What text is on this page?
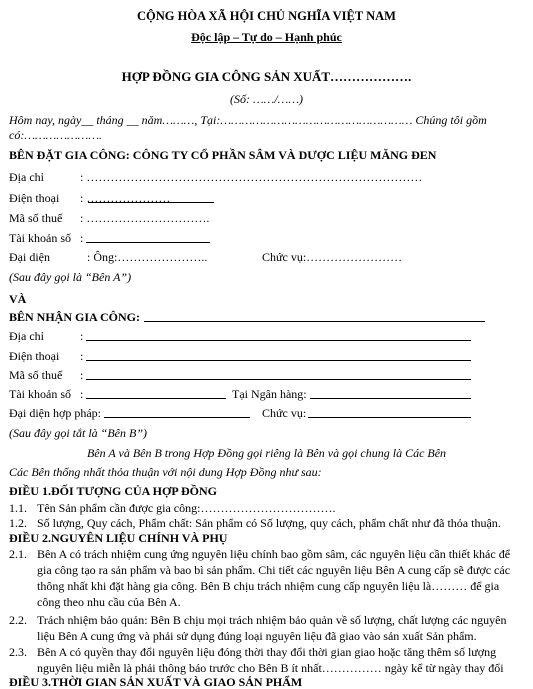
CỘNG HÒA XÃ HỘI CHỦ NGHĨA VIỆT NAM
Độc lập – Tự do – Hạnh phúc
HỢP ĐỒNG GIA CÔNG SẢN XUẤT……………….
(Số: ……/……)
Hôm nay, ngày__ tháng __ năm………, Tại:……………………………………………… Chúng tôi gồm
có:………………….
BÊN ĐẶT GIA CÔNG: CÔNG TY CỔ PHẦN SÂM VÀ DƯỢC LIỆU MĂNG ĐEN
Địa chỉ	: …………………………………………………………………………
Điện thoại : …………………
Mã số thuế : ………………………….
Tài khoản số :
Đại diện	: Ông:…………………..	Chức vụ:……………………
(Sau đây gọi là “Bên A”)
VÀ
BÊN NHẬN GIA CÔNG:
Địa chỉ	:
Điện thoại :
Mã số thuế :
Tài khoản số :	Tại Ngân hàng:
Đại diện hợp pháp:	Chức vụ:
(Sau đây gọi tắt là “Bên B”)
Bên A và Bên B trong Hợp Đồng gọi riêng là Bên và gọi chung là Các Bên
Các Bên thống nhất thỏa thuận với nội dung Hợp Đồng như sau:
ĐIỀU 1.ĐỐI TƯỢNG CỦA HỢP ĐỒNG
1.1. Tên Sản phẩm cần được gia công:…………………………….
1.2. Số lượng, Quy cách, Phẩm chất: Sản phẩm có Số lượng, quy cách, phẩm chất như đã thỏa thuận.
ĐIỀU 2.NGUYÊN LIỆU CHÍNH VÀ PHỤ
2.1. Bên A có trách nhiệm cung ứng nguyên liệu chính bao gồm sâm, các nguyên liệu cần thiết khác để
gia công tạo ra sản phẩm và bao bì sản phẩm. Chi tiết các nguyên liệu Bên A cung cấp sẽ được các
thông nhất khi đặt hàng gia công. Bên B chịu trách nhiệm cung cấp nguyên liệu là……… để gia
công theo nhu cầu của Bên A.
2.2. Trách nhiệm bảo quản: Bên B chịu mọi trách nhiệm bảo quản về số lượng, chất lượng các nguyên
liệu Bên A cung ứng và phải sử dụng đúng loại nguyên liệu đã giao vào sản xuất Sản phẩm.
2.3. Bên A có quyền thay đổi nguyên liệu đóng thời thay đổi thời gian giao hoặc tăng thêm số lượng
nguyên liệu miễn là phải thông báo trước cho Bên B ít nhất…………… ngày kể từ ngày thay đổi
ĐIỀU 3.THỜI GIAN SẢN XUẤT VÀ GIAO SẢN PHẨM
